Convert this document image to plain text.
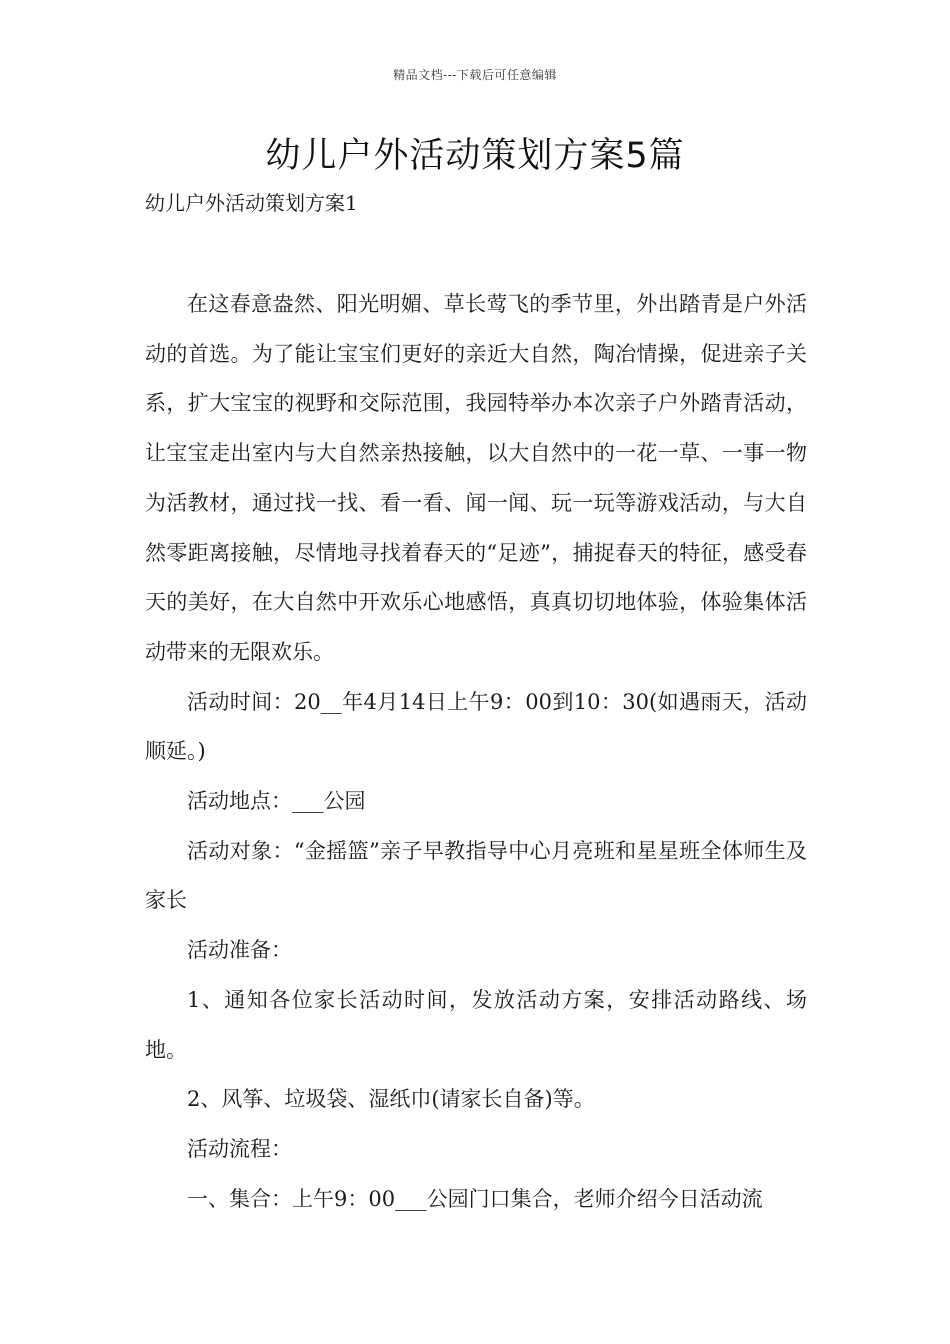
精品文档---下载后可任意编辑
幼儿户外活动策划方案5篇
幼儿户外活动策划方案1

在这春意盎然、阳光明媚、草长莺飞的季节里，外出踏青是户外活动的首选。为了能让宝宝们更好的亲近大自然，陶冶情操，促进亲子关系，扩大宝宝的视野和交际范围，我园特举办本次亲子户外踏青活动，让宝宝走出室内与大自然亲热接触，以大自然中的一花一草、一事一物为活教材，通过找一找、看一看、闻一闻、玩一玩等游戏活动，与大自然零距离接触，尽情地寻找着春天的“足迹”，捕捉春天的特征，感受春天的美好，在大自然中开欢乐心地感悟，真真切切地体验，体验集体活动带来的无限欢乐。

活动时间：20__年4月14日上午9：00到10：30(如遇雨天，活动顺延。)

活动地点：___公园

活动对象：“金摇篮”亲子早教指导中心月亮班和星星班全体师生及家长

活动准备：

1、通知各位家长活动时间，发放活动方案，安排活动路线、场地。

2、风筝、垃圾袋、湿纸巾(请家长自备)等。

活动流程：

一、集合：上午9：00___公园门口集合，老师介绍今日活动流
